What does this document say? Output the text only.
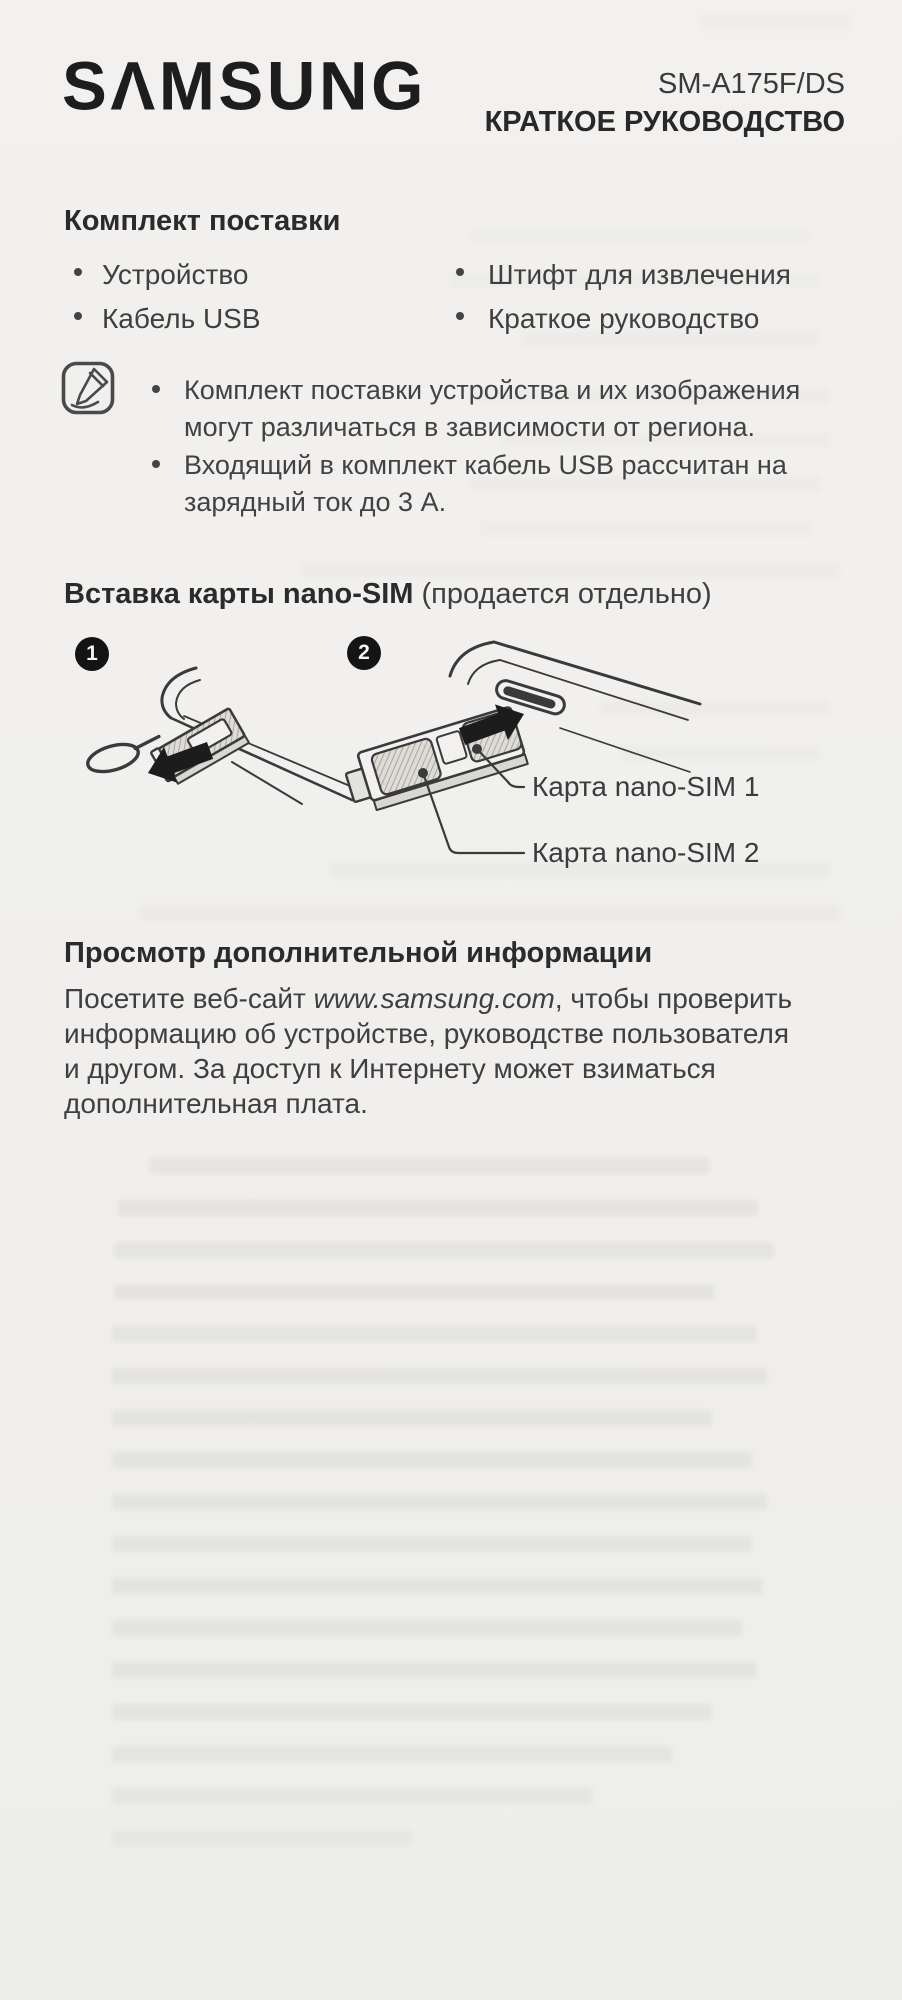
SΛMSUNG	SM-A175F/DS
КРАТКОЕ РУКОВОДСТВО
Комплект поставки
Устройство
Кабель USB
Штифт для извлечения
Краткое руководство
Комплект поставки устройства и их изображения
могут различаться в зависимости от региона.
Входящий в комплект кабель USB рассчитан на
зарядный ток до 3 А.
Вставка карты nano-SIM (продается отдельно)
1	2
Карта nano-SIM 1
Карта nano-SIM 2
Просмотр дополнительной информации
Посетите веб-сайт www.samsung.com, чтобы проверить
информацию об устройстве, руководстве пользователя
и другом. За доступ к Интернету может взиматься
дополнительная плата.
